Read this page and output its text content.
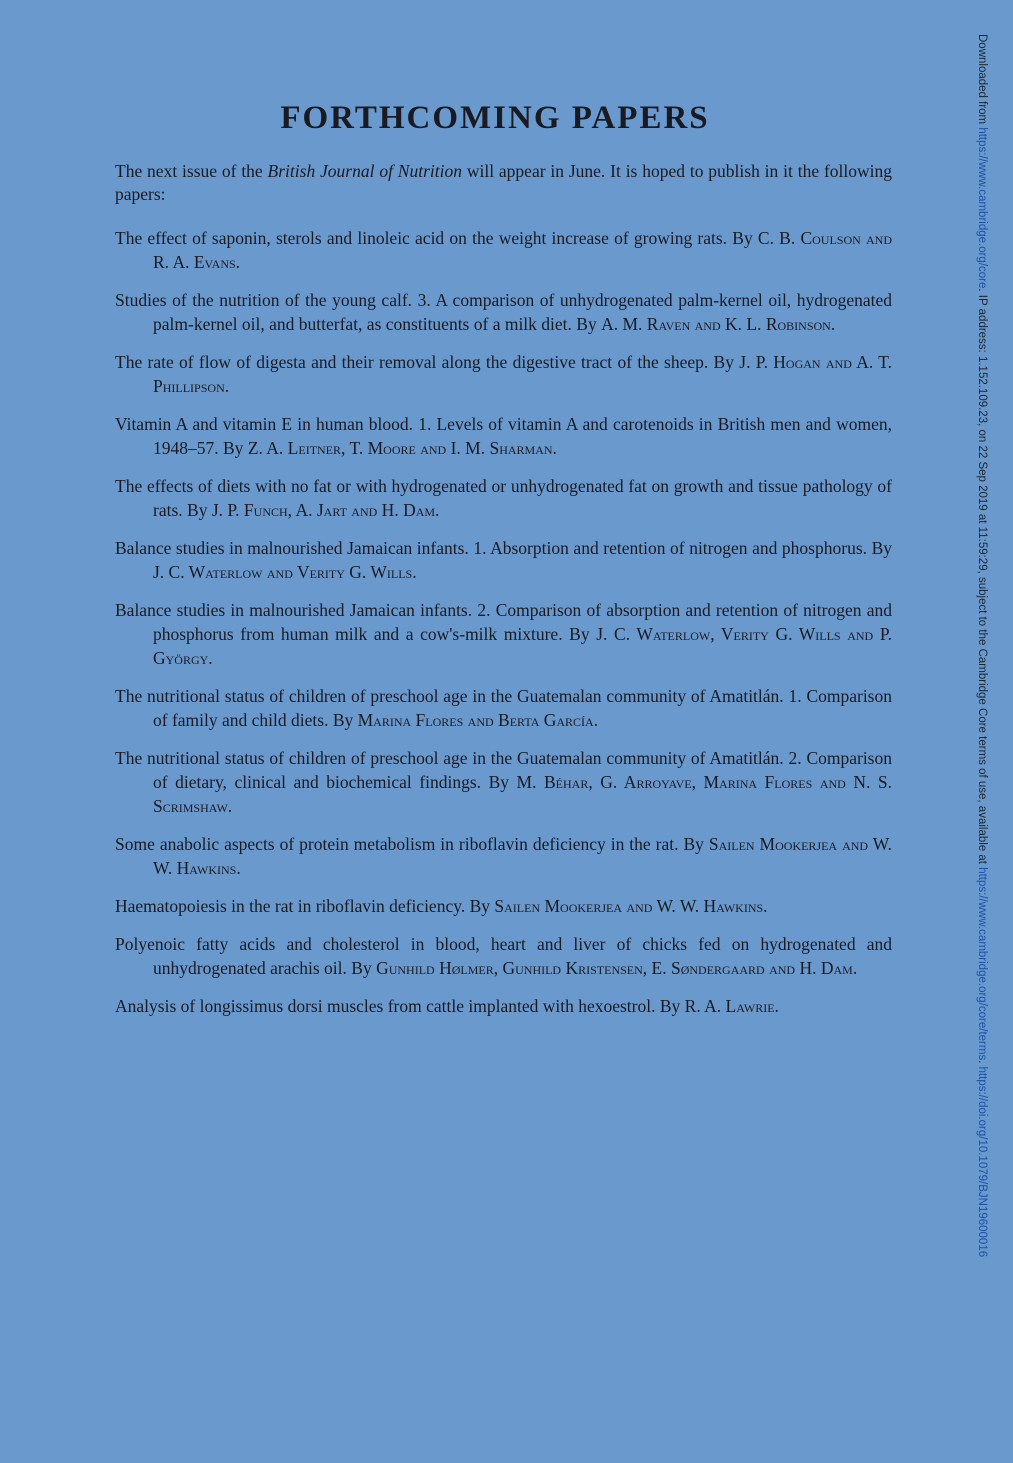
FORTHCOMING PAPERS
The next issue of the British Journal of Nutrition will appear in June. It is hoped to publish in it the following papers:
The effect of saponin, sterols and linoleic acid on the weight increase of growing rats. By C. B. Coulson and R. A. Evans.
Studies of the nutrition of the young calf. 3. A comparison of unhydrogenated palm-kernel oil, hydrogenated palm-kernel oil, and butterfat, as constituents of a milk diet. By A. M. Raven and K. L. Robinson.
The rate of flow of digesta and their removal along the digestive tract of the sheep. By J. P. Hogan and A. T. Phillipson.
Vitamin A and vitamin E in human blood. 1. Levels of vitamin A and carotenoids in British men and women, 1948–57. By Z. A. Leitner, T. Moore and I. M. Sharman.
The effects of diets with no fat or with hydrogenated or unhydrogenated fat on growth and tissue pathology of rats. By J. P. Funch, A. Jart and H. Dam.
Balance studies in malnourished Jamaican infants. 1. Absorption and retention of nitrogen and phosphorus. By J. C. Waterlow and Verity G. Wills.
Balance studies in malnourished Jamaican infants. 2. Comparison of absorption and retention of nitrogen and phosphorus from human milk and a cow's-milk mixture. By J. C. Waterlow, Verity G. Wills and P. György.
The nutritional status of children of preschool age in the Guatemalan community of Amatitlán. 1. Comparison of family and child diets. By Marina Flores and Berta García.
The nutritional status of children of preschool age in the Guatemalan community of Amatitlán. 2. Comparison of dietary, clinical and biochemical findings. By M. Béhar, G. Arroyave, Marina Flores and N. S. Scrimshaw.
Some anabolic aspects of protein metabolism in riboflavin deficiency in the rat. By Sailen Mookerjea and W. W. Hawkins.
Haematopoiesis in the rat in riboflavin deficiency. By Sailen Mookerjea and W. W. Hawkins.
Polyenoic fatty acids and cholesterol in blood, heart and liver of chicks fed on hydrogenated and unhydrogenated arachis oil. By Gunhild Hølmer, Gunhild Kristensen, E. Søndergaard and H. Dam.
Analysis of longissimus dorsi muscles from cattle implanted with hexoestrol. By R. A. Lawrie.
Downloaded from https://www.cambridge.org/core. IP address: 1.152.109.23, on 22 Sep 2019 at 11:59:29, subject to the Cambridge Core terms of use, available at https://www.cambridge.org/core/terms. https://doi.org/10.1079/BJN19600016
